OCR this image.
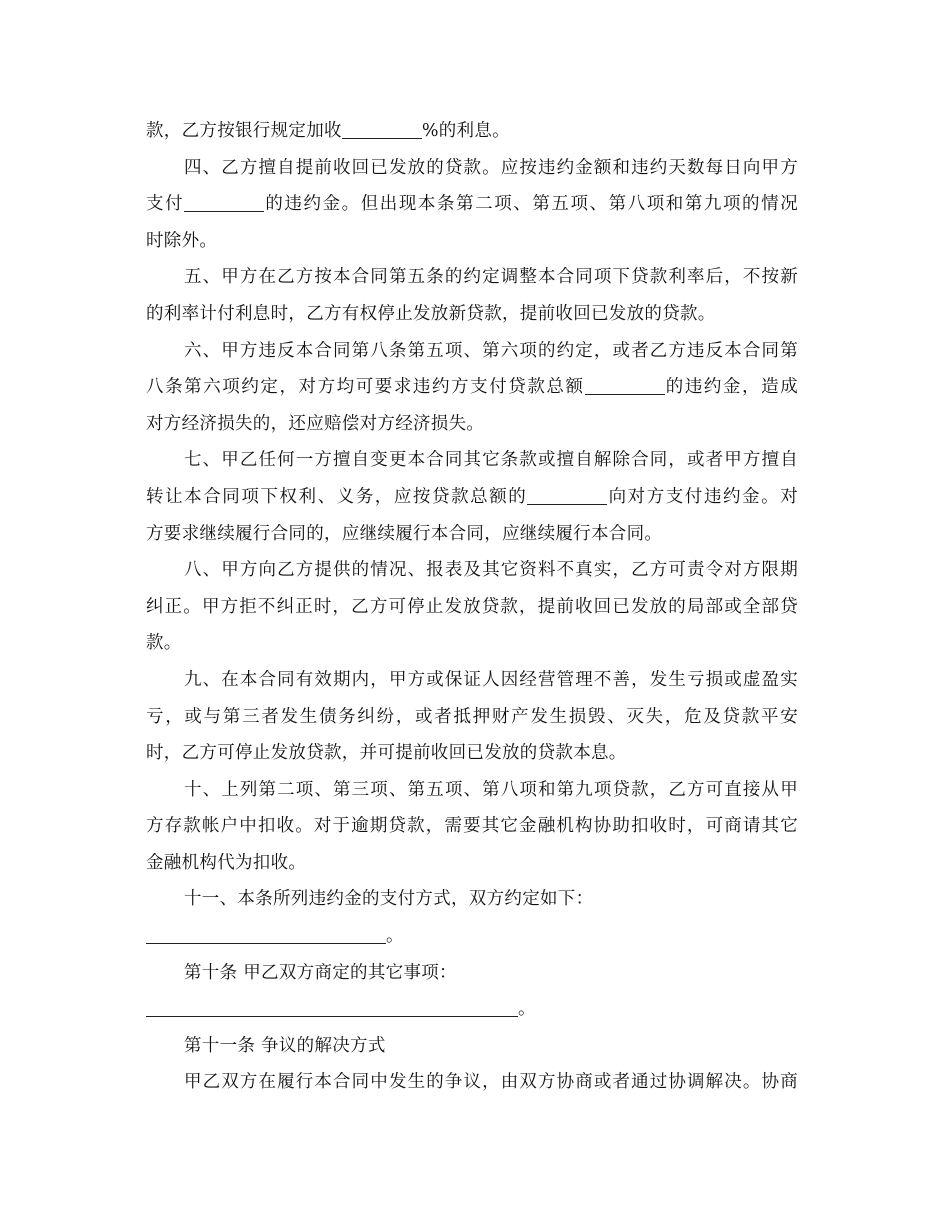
款，乙方按银行规定加收	%的利息。
四、乙方擅自提前收回已发放的贷款。应按违约金额和违约天数每日向甲方
支付	的违约金。但出现本条第二项、第五项、第八项和第九项的情况
时除外。
五、甲方在乙方按本合同第五条的约定调整本合同项下贷款利率后，不按新
的利率计付利息时，乙方有权停止发放新贷款，提前收回已发放的贷款。
六、甲方违反本合同第八条第五项、第六项的约定，或者乙方违反本合同第
八条第六项约定，对方均可要求违约方支付贷款总额	的违约金，造成
对方经济损失的，还应赔偿对方经济损失。
七、甲乙任何一方擅自变更本合同其它条款或擅自解除合同，或者甲方擅自
转让本合同项下权利、义务，应按贷款总额的	向对方支付违约金。对
方要求继续履行合同的，应继续履行本合同，应继续履行本合同。
八、甲方向乙方提供的情况、报表及其它资料不真实，乙方可责令对方限期
纠正。甲方拒不纠正时，乙方可停止发放贷款，提前收回已发放的局部或全部贷
款。
九、在本合同有效期内，甲方或保证人因经营管理不善，发生亏损或虚盈实
亏，或与第三者发生债务纠纷，或者抵押财产发生损毁、灭失，危及贷款平安
时，乙方可停止发放贷款，并可提前收回已发放的贷款本息。
十、上列第二项、第三项、第五项、第八项和第九项贷款，乙方可直接从甲
方存款帐户中扣收。对于逾期贷款，需要其它金融机构协助扣收时，可商请其它
金融机构代为扣收。
十一、本条所列违约金的支付方式，双方约定如下：
。
第十条 甲乙双方商定的其它事项：
。
第十一条 争议的解决方式
甲乙双方在履行本合同中发生的争议，由双方协商或者通过协调解决。协商
